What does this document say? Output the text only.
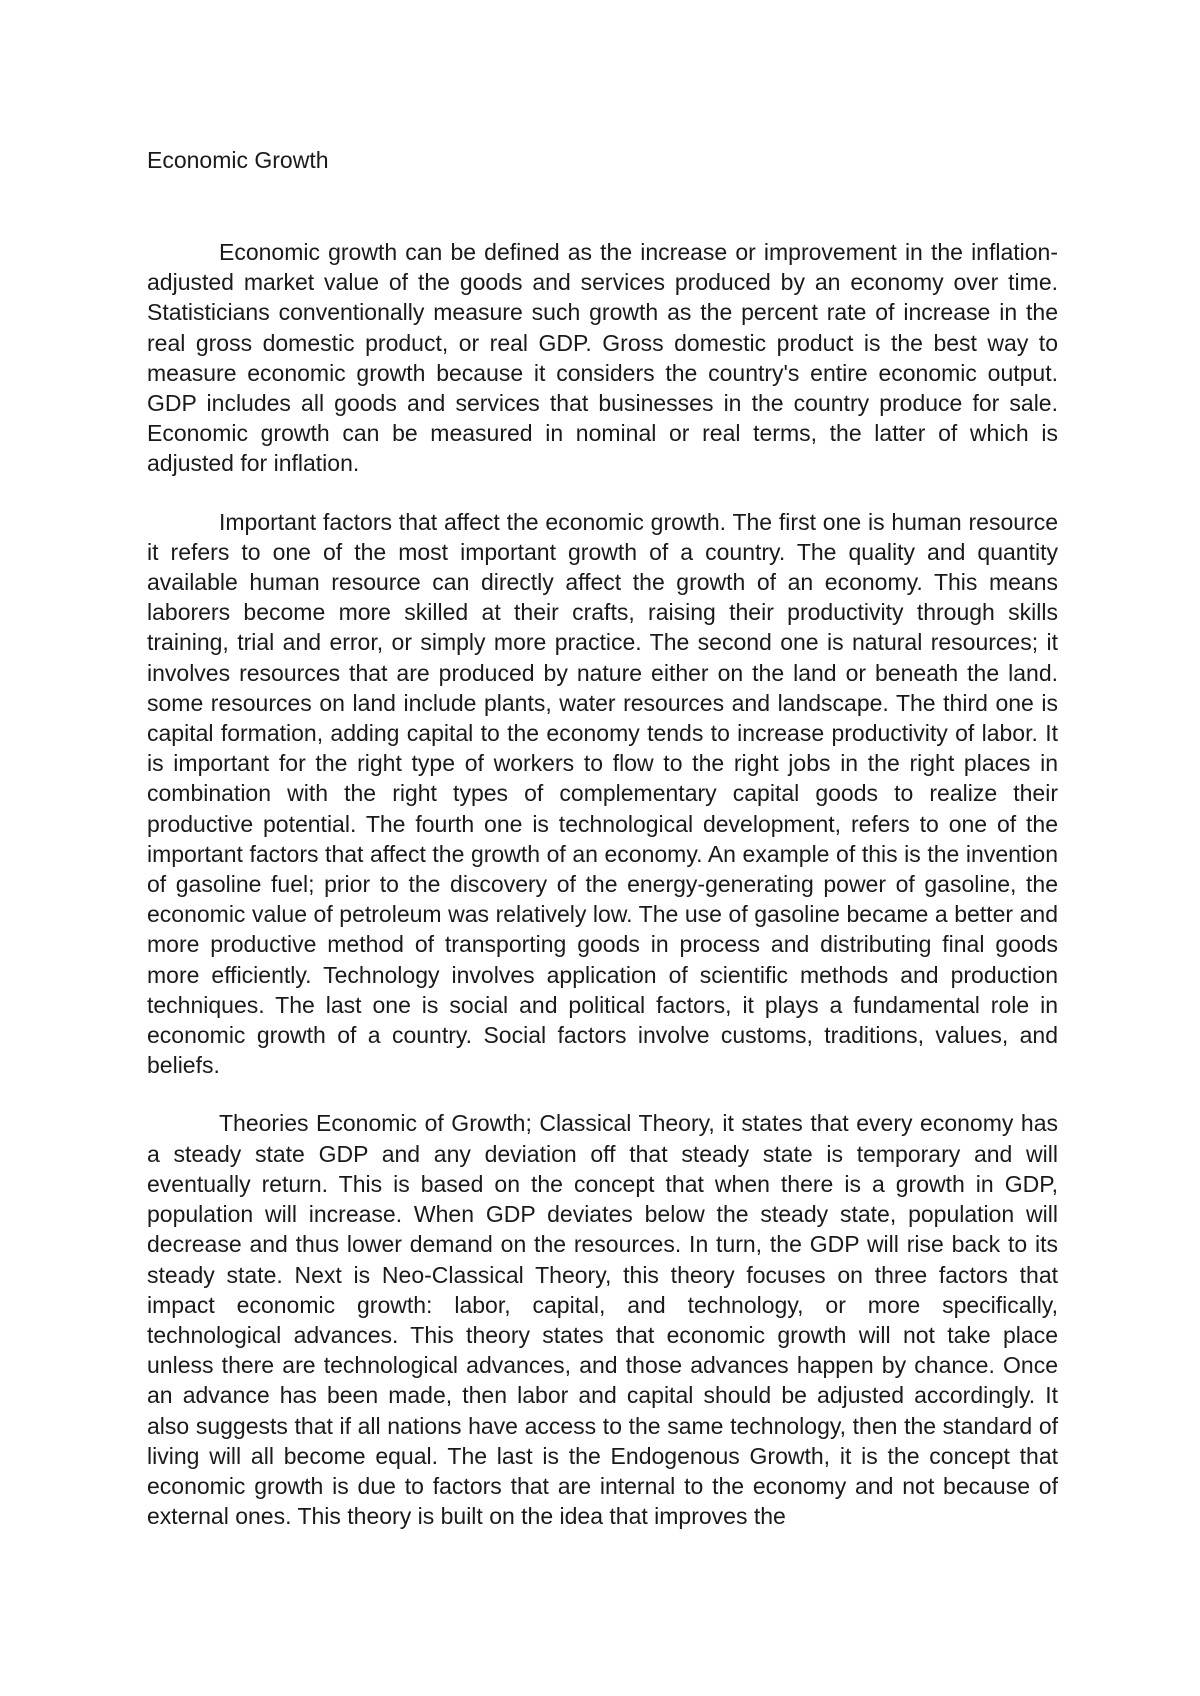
Economic Growth

Economic growth can be defined as the increase or improvement in the inflation-adjusted market value of the goods and services produced by an economy over time. Statisticians conventionally measure such growth as the percent rate of increase in the real gross domestic product, or real GDP. Gross domestic product is the best way to measure economic growth because it considers the country's entire economic output. GDP includes all goods and services that businesses in the country produce for sale. Economic growth can be measured in nominal or real terms, the latter of which is adjusted for inflation.

Important factors that affect the economic growth. The first one is human resource it refers to one of the most important growth of a country. The quality and quantity available human resource can directly affect the growth of an economy. This means laborers become more skilled at their crafts, raising their productivity through skills training, trial and error, or simply more practice. The second one is natural resources; it involves resources that are produced by nature either on the land or beneath the land. some resources on land include plants, water resources and landscape. The third one is capital formation, adding capital to the economy tends to increase productivity of labor. It is important for the right type of workers to flow to the right jobs in the right places in combination with the right types of complementary capital goods to realize their productive potential. The fourth one is technological development, refers to one of the important factors that affect the growth of an economy. An example of this is the invention of gasoline fuel; prior to the discovery of the energy-generating power of gasoline, the economic value of petroleum was relatively low. The use of gasoline became a better and more productive method of transporting goods in process and distributing final goods more efficiently. Technology involves application of scientific methods and production techniques. The last one is social and political factors, it plays a fundamental role in economic growth of a country. Social factors involve customs, traditions, values, and beliefs.

Theories Economic of Growth; Classical Theory, it states that every economy has a steady state GDP and any deviation off that steady state is temporary and will eventually return. This is based on the concept that when there is a growth in GDP, population will increase. When GDP deviates below the steady state, population will decrease and thus lower demand on the resources. In turn, the GDP will rise back to its steady state. Next is Neo-Classical Theory, this theory focuses on three factors that impact economic growth: labor, capital, and technology, or more specifically, technological advances. This theory states that economic growth will not take place unless there are technological advances, and those advances happen by chance. Once an advance has been made, then labor and capital should be adjusted accordingly. It also suggests that if all nations have access to the same technology, then the standard of living will all become equal. The last is the Endogenous Growth, it is the concept that economic growth is due to factors that are internal to the economy and not because of external ones. This theory is built on the idea that improves the
